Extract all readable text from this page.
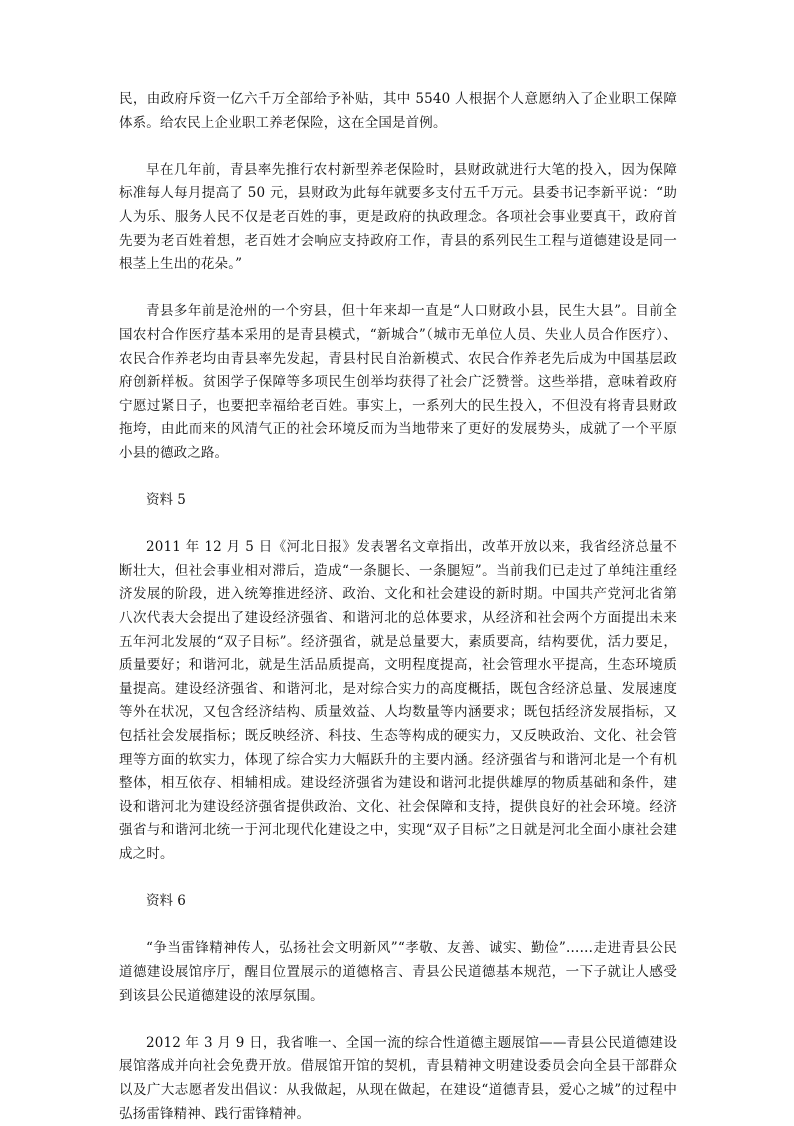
民，由政府斥资一亿六千万全部给予补贴，其中 5540 人根据个人意愿纳入了企业职工保障体系。给农民上企业职工养老保险，这在全国是首例。

早在几年前，青县率先推行农村新型养老保险时，县财政就进行大笔的投入，因为保障标准每人每月提高了 50 元，县财政为此每年就要多支付五千万元。县委书记李新平说：“助人为乐、服务人民不仅是老百姓的事，更是政府的执政理念。各项社会事业要真干，政府首先要为老百姓着想，老百姓才会响应支持政府工作，青县的系列民生工程与道德建设是同一根茎上生出的花朵。”

青县多年前是沧州的一个穷县，但十年来却一直是“人口财政小县，民生大县”。目前全国农村合作医疗基本采用的是青县模式，“新城合”（城市无单位人员、失业人员合作医疗）、农民合作养老均由青县率先发起，青县村民自治新模式、农民合作养老先后成为中国基层政府创新样板。贫困学子保障等多项民生创举均获得了社会广泛赞誉。这些举措，意味着政府宁愿过紧日子，也要把幸福给老百姓。事实上，一系列大的民生投入，不但没有将青县财政拖垮，由此而来的风清气正的社会环境反而为当地带来了更好的发展势头，成就了一个平原小县的德政之路。

资料 5

2011 年 12 月 5 日《河北日报》发表署名文章指出，改革开放以来，我省经济总量不断壮大，但社会事业相对滞后，造成“一条腿长、一条腿短”。当前我们已走过了单纯注重经济发展的阶段，进入统筹推进经济、政治、文化和社会建设的新时期。中国共产党河北省第八次代表大会提出了建设经济强省、和谐河北的总体要求，从经济和社会两个方面提出未来五年河北发展的“双子目标”。经济强省，就是总量要大，素质要高，结构要优，活力要足，质量要好；和谐河北，就是生活品质提高，文明程度提高，社会管理水平提高，生态环境质量提高。建设经济强省、和谐河北，是对综合实力的高度概括，既包含经济总量、发展速度等外在状况，又包含经济结构、质量效益、人均数量等内涵要求；既包括经济发展指标，又包括社会发展指标；既反映经济、科技、生态等构成的硬实力，又反映政治、文化、社会管理等方面的软实力，体现了综合实力大幅跃升的主要内涵。经济强省与和谐河北是一个有机整体，相互依存、相辅相成。建设经济强省为建设和谐河北提供雄厚的物质基础和条件，建设和谐河北为建设经济强省提供政治、文化、社会保障和支持，提供良好的社会环境。经济强省与和谐河北统一于河北现代化建设之中，实现“双子目标”之日就是河北全面小康社会建成之时。

资料 6

“争当雷锋精神传人，弘扬社会文明新风”“孝敬、友善、诚实、勤俭”……走进青县公民道德建设展馆序厅，醒目位置展示的道德格言、青县公民道德基本规范，一下子就让人感受到该县公民道德建设的浓厚氛围。

2012 年 3 月 9 日，我省唯一、全国一流的综合性道德主题展馆——青县公民道德建设展馆落成并向社会免费开放。借展馆开馆的契机，青县精神文明建设委员会向全县干部群众以及广大志愿者发出倡议：从我做起，从现在做起，在建设“道德青县，爱心之城”的过程中弘扬雷锋精神、践行雷锋精神。
